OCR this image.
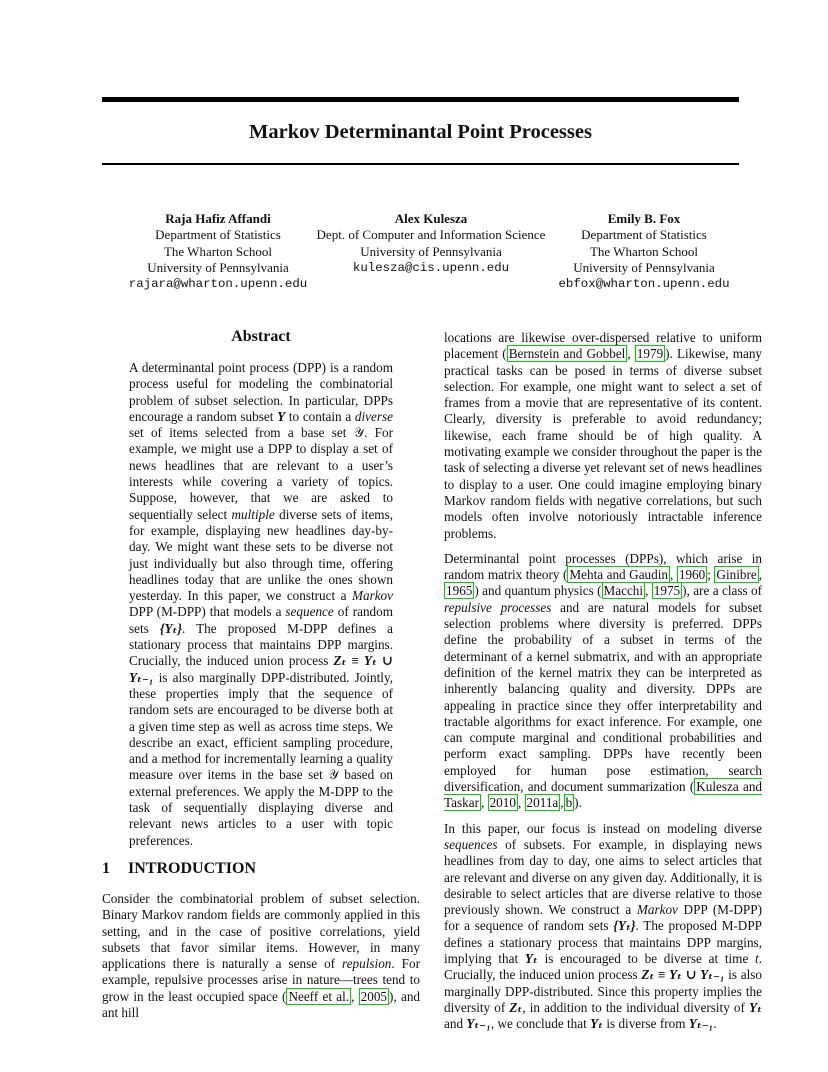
Markov Determinantal Point Processes
Raja Hafiz Affandi
Department of Statistics
The Wharton School
University of Pennsylvania
rajara@wharton.upenn.edu
Alex Kulesza
Dept. of Computer and Information Science
University of Pennsylvania
kulesza@cis.upenn.edu
Emily B. Fox
Department of Statistics
The Wharton School
University of Pennsylvania
ebfox@wharton.upenn.edu
Abstract

A determinantal point process (DPP) is a random process useful for modeling the combinatorial problem of subset selection. In particular, DPPs encourage a random subset Y to contain a diverse set of items selected from a base set 𝒴. For example, we might use a DPP to display a set of news headlines that are relevant to a user’s interests while covering a variety of topics. Suppose, however, that we are asked to sequentially select multiple diverse sets of items, for example, displaying new headlines day-by-day. We might want these sets to be diverse not just individually but also through time, offering headlines today that are unlike the ones shown yesterday. In this paper, we construct a Markov DPP (M-DPP) that models a sequence of random sets {Yₜ}. The proposed M-DPP defines a stationary process that maintains DPP margins. Crucially, the induced union process Zₜ ≡ Yₜ ∪ Yₜ₋₁ is also marginally DPP-distributed. Jointly, these properties imply that the sequence of random sets are encouraged to be diverse both at a given time step as well as across time steps. We describe an exact, efficient sampling procedure, and a method for incrementally learning a quality measure over items in the base set 𝒴 based on external preferences. We apply the M-DPP to the task of sequentially displaying diverse and relevant news articles to a user with topic preferences.

1 INTRODUCTION

Consider the combinatorial problem of subset selection. Binary Markov random fields are commonly applied in this setting, and in the case of positive correlations, yield subsets that favor similar items. However, in many applications there is naturally a sense of repulsion. For example, repulsive processes arise in nature—trees tend to grow in the least occupied space ( Neeff et al. , 2005 ), and ant hill

locations are likewise over-dispersed relative to uniform placement ( Bernstein and Gobbel , 1979 ). Likewise, many practical tasks can be posed in terms of diverse subset selection. For example, one might want to select a set of frames from a movie that are representative of its content. Clearly, diversity is preferable to avoid redundancy; likewise, each frame should be of high quality. A motivating example we consider throughout the paper is the task of selecting a diverse yet relevant set of news headlines to display to a user. One could imagine employing binary Markov random fields with negative correlations, but such models often involve notoriously intractable inference problems.

Determinantal point processes (DPPs), which arise in random matrix theory ( Mehta and Gaudin , 1960 ; Ginibre , 1965 ) and quantum physics ( Macchi , 1975 ), are a class of repulsive processes and are natural models for subset selection problems where diversity is preferred. DPPs define the probability of a subset in terms of the determinant of a kernel submatrix, and with an appropriate definition of the kernel matrix they can be interpreted as inherently balancing quality and diversity. DPPs are appealing in practice since they offer interpretability and tractable algorithms for exact inference. For example, one can compute marginal and conditional probabilities and perform exact sampling. DPPs have recently been employed for human pose estimation, search diversification, and document summarization ( Kulesza and Taskar , 2010 , 2011a , b ).

In this paper, our focus is instead on modeling diverse sequences of subsets. For example, in displaying news headlines from day to day, one aims to select articles that are relevant and diverse on any given day. Additionally, it is desirable to select articles that are diverse relative to those previously shown. We construct a Markov DPP (M-DPP) for a sequence of random sets {Yₜ}. The proposed M-DPP defines a stationary process that maintains DPP margins, implying that Yₜ is encouraged to be diverse at time t. Crucially, the induced union process Zₜ ≡ Yₜ ∪ Yₜ₋₁ is also marginally DPP-distributed. Since this property implies the diversity of Zₜ, in addition to the individual diversity of Yₜ and Yₜ₋₁, we conclude that Yₜ is diverse from Yₜ₋₁.
